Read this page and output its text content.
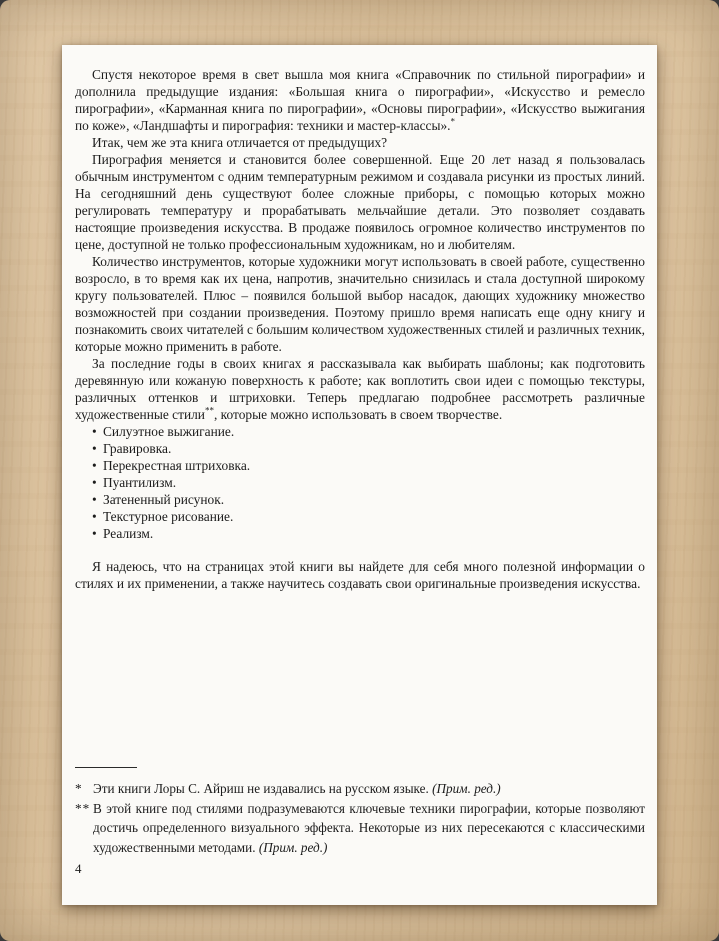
Спустя некоторое время в свет вышла моя книга «Справочник по стильной пирографии» и дополнила предыдущие издания: «Большая книга о пирографии», «Искусство и ремесло пирографии», «Карманная книга по пирографии», «Основы пирографии», «Искусство выжигания по коже», «Ландшафты и пирография: техники и мастер-классы».*

Итак, чем же эта книга отличается от предыдущих?

Пирография меняется и становится более совершенной. Еще 20 лет назад я пользовалась обычным инструментом с одним температурным режимом и создавала рисунки из простых линий. На сегодняшний день существуют более сложные приборы, с помощью которых можно регулировать температуру и прорабатывать мельчайшие детали. Это позволяет создавать настоящие произведения искусства. В продаже появилось огромное количество инструментов по цене, доступной не только профессиональным художникам, но и любителям.

Количество инструментов, которые художники могут использовать в своей работе, существенно возросло, в то время как их цена, напротив, значительно снизилась и стала доступной широкому кругу пользователей. Плюс – появился большой выбор насадок, дающих художнику множество возможностей при создании произведения. Поэтому пришло время написать еще одну книгу и познакомить своих читателей с большим количеством художественных стилей и различных техник, которые можно применить в работе.

За последние годы в своих книгах я рассказывала как выбирать шаблоны; как подготовить деревянную или кожаную поверхность к работе; как воплотить свои идеи с помощью текстуры, различных оттенков и штриховки. Теперь предлагаю подробнее рассмотреть различные художественные стили**, которые можно использовать в своем творчестве.

• Силуэтное выжигание.
• Гравировка.
• Перекрестная штриховка.
• Пуантилизм.
• Затененный рисунок.
• Текстурное рисование.
• Реализм.

Я надеюсь, что на страницах этой книги вы найдете для себя много полезной информации о стилях и их применении, а также научитесь создавать свои оригинальные произведения искусства.

* Эти книги Лоры С. Айриш не издавались на русском языке. (Прим. ред.)
** В этой книге под стилями подразумеваются ключевые техники пирографии, которые позволяют достичь определенного визуального эффекта. Некоторые из них пересекаются с классическими художественными методами. (Прим. ред.)
4
